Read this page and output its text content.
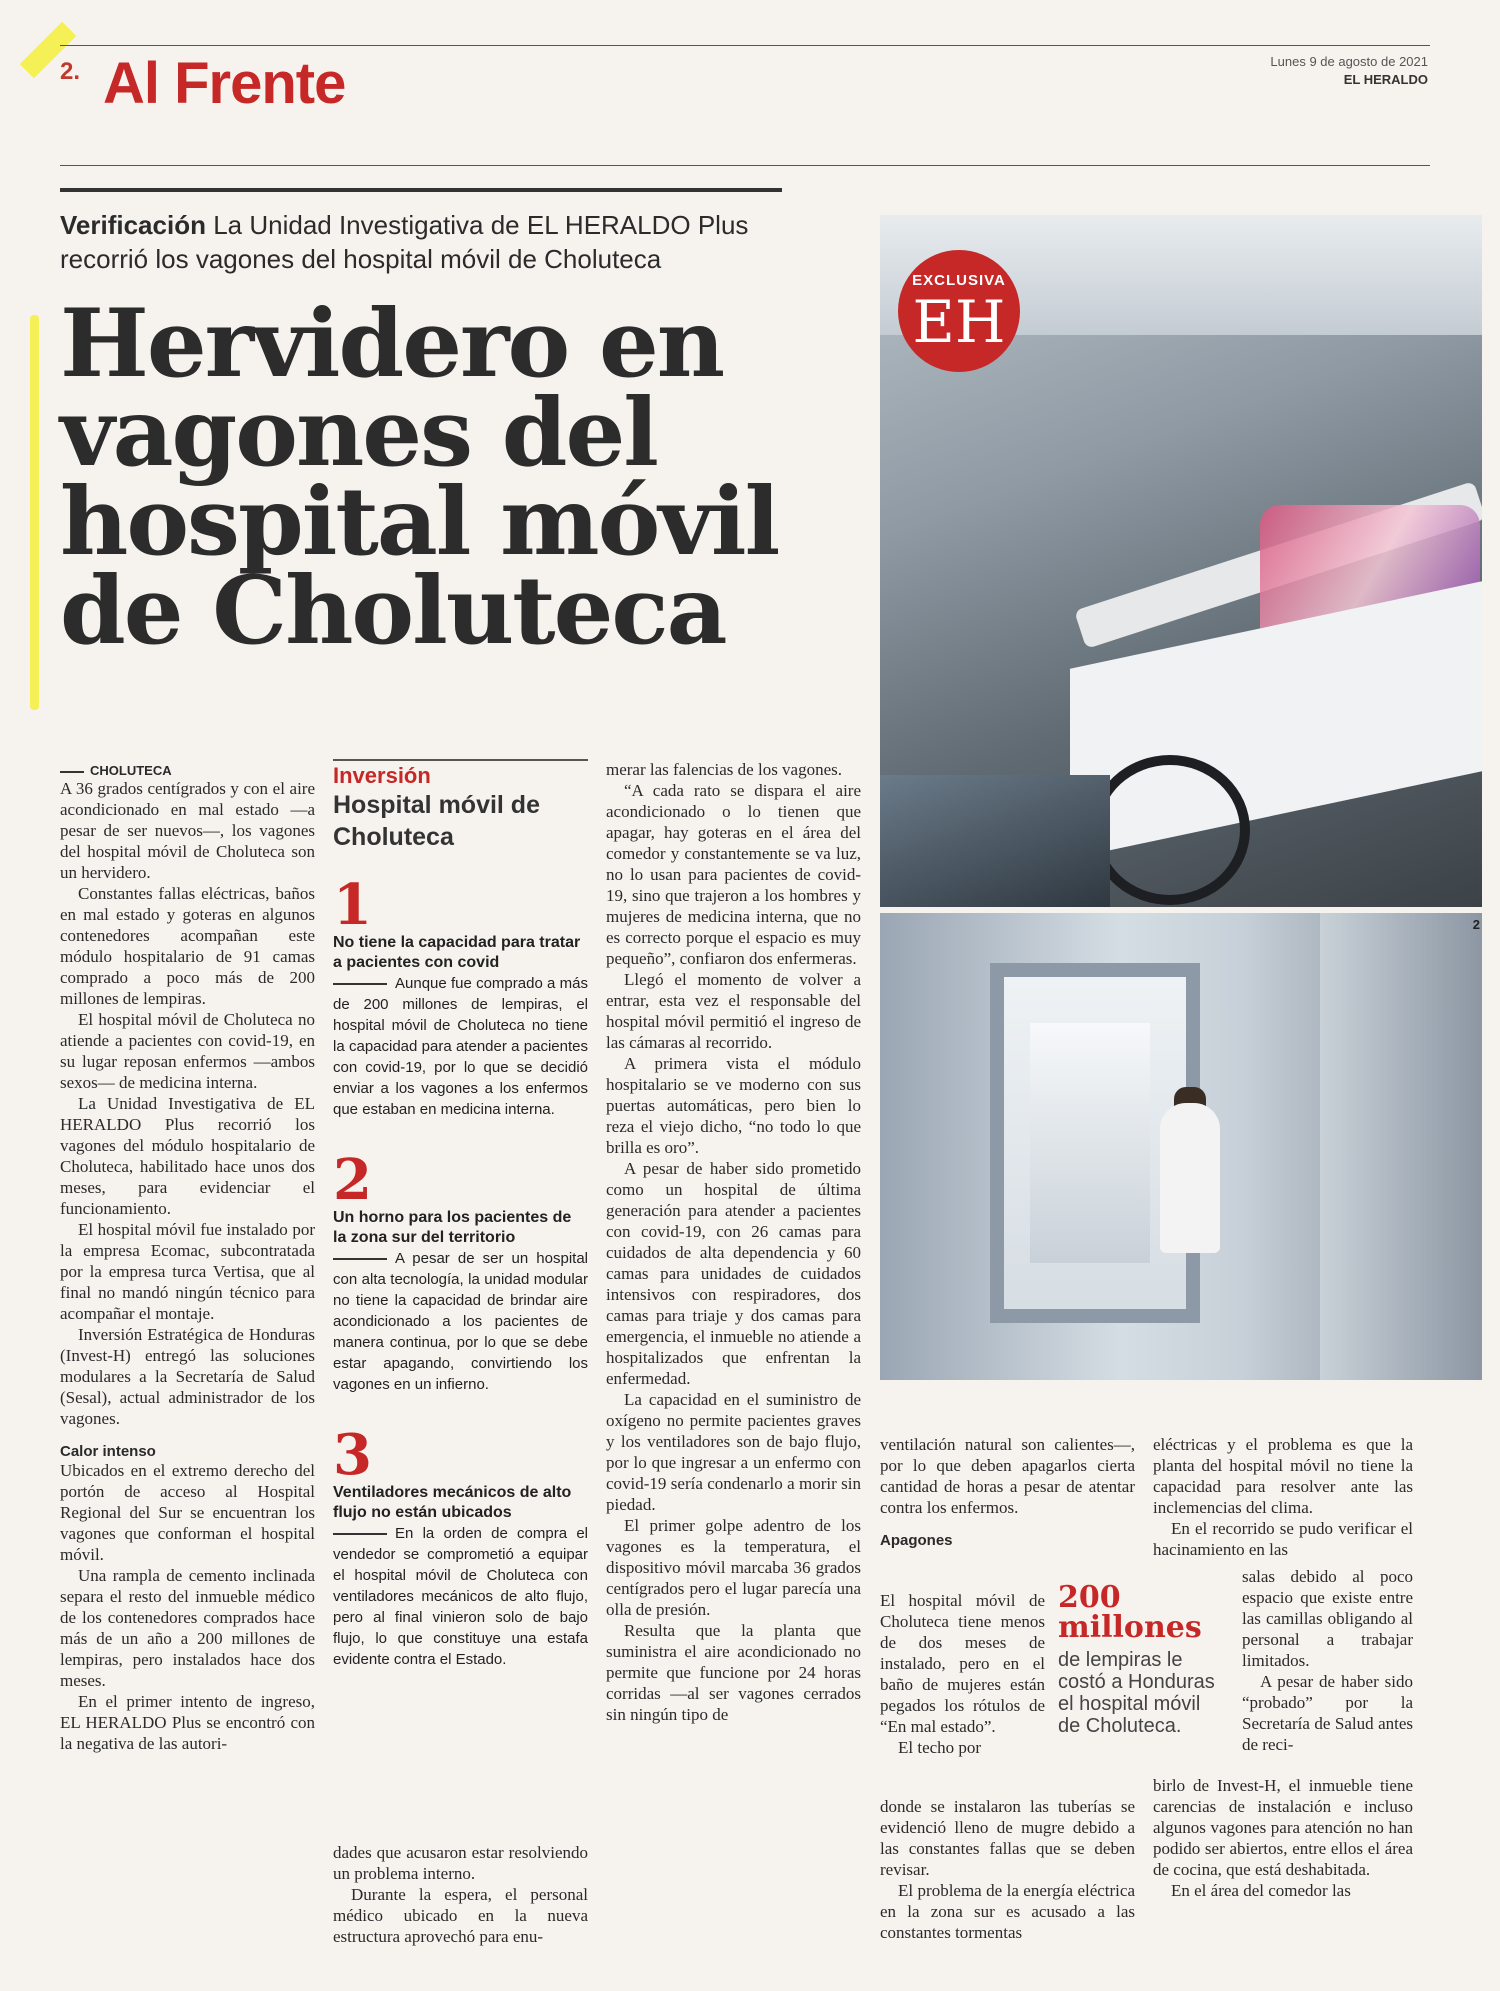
2. Al Frente	Lunes 9 de agosto de 2021
EL HERALDO
Verificación La Unidad Investigativa de EL HERALDO Plus recorrió los vagones del hospital móvil de Choluteca
Hervidero en vagones del hospital móvil de Choluteca
EXCLUSIVA
EH
2
CHOLUTECA

A 36 grados centígrados y con el aire acondicionado en mal estado —a pesar de ser nuevos—, los vagones del hospital móvil de Choluteca son un hervidero.

Constantes fallas eléctricas, baños en mal estado y goteras en algunos contenedores acompañan este módulo hospitalario de 91 camas comprado a poco más de 200 millones de lempiras.

El hospital móvil de Choluteca no atiende a pacientes con covid-19, en su lugar reposan enfermos —ambos sexos— de medicina interna.

La Unidad Investigativa de EL HERALDO Plus recorrió los vagones del módulo hospitalario de Choluteca, habilitado hace unos dos meses, para evidenciar el funcionamiento.

El hospital móvil fue instalado por la empresa Ecomac, subcontratada por la empresa turca Vertisa, que al final no mandó ningún técnico para acompañar el montaje.

Inversión Estratégica de Honduras (Invest-H) entregó las soluciones modulares a la Secretaría de Salud (Sesal), actual administrador de los vagones.

Calor intenso

Ubicados en el extremo derecho del portón de acceso al Hospital Regional del Sur se encuentran los vagones que conforman el hospital móvil.

Una rampla de cemento inclinada separa el resto del inmueble médico de los contenedores comprados hace más de un año a 200 millones de lempiras, pero instalados hace dos meses.

En el primer intento de ingreso, EL HERALDO Plus se encontró con la negativa de las autori-

Inversión
Hospital móvil de Choluteca
1
No tiene la capacidad para tratar a pacientes con covid
Aunque fue comprado a más de 200 millones de lempiras, el hospital móvil de Choluteca no tiene la capacidad para atender a pacientes con covid-19, por lo que se decidió enviar a los vagones a los enfermos que estaban en medicina interna.
2
Un horno para los pacientes de la zona sur del territorio
A pesar de ser un hospital con alta tecnología, la unidad modular no tiene la capacidad de brindar aire acondicionado a los pacientes de manera continua, por lo que se debe estar apagando, convirtiendo los vagones en un infierno.
3
Ventiladores mecánicos de alto flujo no están ubicados
En la orden de compra el vendedor se comprometió a equipar el hospital móvil de Choluteca con ventiladores mecánicos de alto flujo, pero al final vinieron solo de bajo flujo, lo que constituye una estafa evidente contra el Estado.

dades que acusaron estar resolviendo un problema interno.

Durante la espera, el personal médico ubicado en la nueva estructura aprovechó para enu-

merar las falencias de los vagones.

“A cada rato se dispara el aire acondicionado o lo tienen que apagar, hay goteras en el área del comedor y constantemente se va luz, no lo usan para pacientes de covid-19, sino que trajeron a los hombres y mujeres de medicina interna, que no es correcto porque el espacio es muy pequeño”, confiaron dos enfermeras.

Llegó el momento de volver a entrar, esta vez el responsable del hospital móvil permitió el ingreso de las cámaras al recorrido.

A primera vista el módulo hospitalario se ve moderno con sus puertas automáticas, pero bien lo reza el viejo dicho, “no todo lo que brilla es oro”.

A pesar de haber sido prometido como un hospital de última generación para atender a pacientes con covid-19, con 26 camas para cuidados de alta dependencia y 60 camas para unidades de cuidados intensivos con respiradores, dos camas para triaje y dos camas para emergencia, el inmueble no atiende a hospitalizados que enfrentan la enfermedad.

La capacidad en el suministro de oxígeno no permite pacientes graves y los ventiladores son de bajo flujo, por lo que ingresar a un enfermo con covid-19 sería condenarlo a morir sin piedad.

El primer golpe adentro de los vagones es la temperatura, el dispositivo móvil marcaba 36 grados centígrados pero el lugar parecía una olla de presión.

Resulta que la planta que suministra el aire acondicionado no permite que funcione por 24 horas corridas —al ser vagones cerrados sin ningún tipo de

ventilación natural son calientes—, por lo que deben apagarlos cierta cantidad de horas a pesar de atentar contra los enfermos.

Apagones

El hospital móvil de Choluteca tiene menos de dos meses de instalado, pero en el baño de mujeres están pegados los rótulos de “En mal estado”.

El techo por

donde se instalaron las tuberías se evidenció lleno de mugre debido a las constantes fallas que se deben revisar.

El problema de la energía eléctrica en la zona sur es acusado a las constantes tormentas

200 millones
de lempiras le costó a Honduras el hospital móvil de Choluteca.

eléctricas y el problema es que la planta del hospital móvil no tiene la capacidad para resolver ante las inclemencias del clima.

En el recorrido se pudo verificar el hacinamiento en las

salas debido al poco espacio que existe entre las camillas obligando al personal a trabajar limitados.

A pesar de haber sido “probado” por la Secretaría de Salud antes de reci-

birlo de Invest-H, el inmueble tiene carencias de instalación e incluso algunos vagones para atención no han podido ser abiertos, entre ellos el área de cocina, que está deshabitada.

En el área del comedor las
